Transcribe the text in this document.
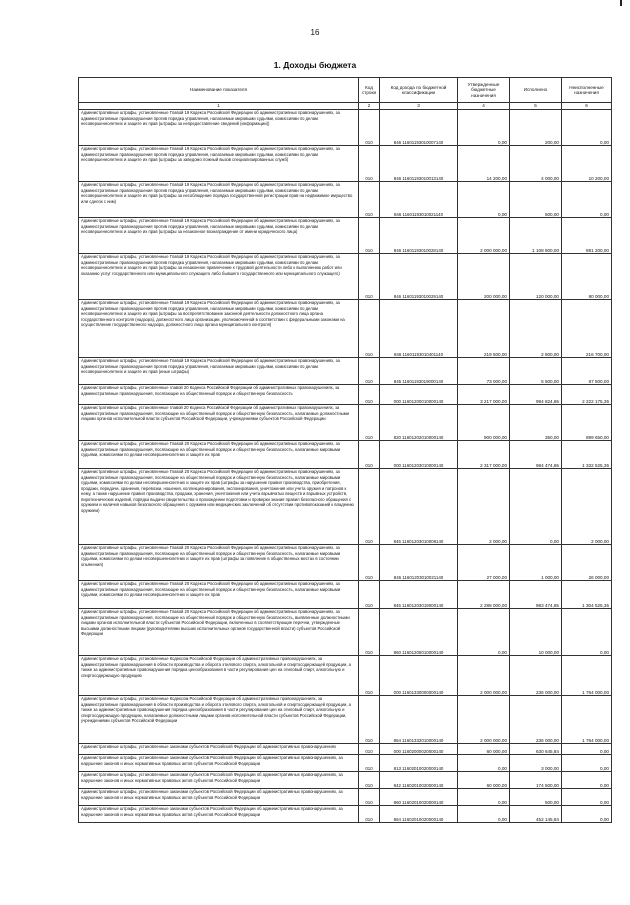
16
1. Доходы бюджета
Наименование показателя	Код строки	Код дохода по бюджетной классификации	Утвержденные бюджетные назначения	Исполнено	Неисполненные назначения
1	2	3	4	5	6
Административные штрафы, установленные Главой 19 Кодекса Российской Федерации об административных правонарушениях, за административные правонарушения против порядка управления, налагаемые мировыми судьями, комиссиями по делам несовершеннолетних и защите их прав (штрафы за непредоставление сведений (информации))	010	846 11601193010007140	0,00	200,00	0,00
Административные штрафы, установленные Главой 19 Кодекса Российской Федерации об административных правонарушениях, за административные правонарушения против порядка управления, налагаемые мировыми судьями, комиссиями по делам несовершеннолетних и защите их прав (штрафы за заведомо ложный вызов специализированных служб)	010	846 11601193010013140	14 200,00	4 000,00	10 200,00
Административные штрафы, установленные Главой 19 Кодекса Российской Федерации об административных правонарушениях, за административные правонарушения против порядка управления, налагаемые мировыми судьями, комиссиями по делам несовершеннолетних и защите их прав (штрафы за несоблюдение порядка государственной регистрации прав на недвижимое имущество или сделок с ним)	010	846 11601193010021140	0,00	500,00	0,00
Административные штрафы, установленные Главой 19 Кодекса Российской Федерации об административных правонарушениях, за административные правонарушения против порядка управления, налагаемые мировыми судьями, комиссиями по делам несовершеннолетних и защите их прав (штрафы за незаконное вознаграждение от имени юридического лица)	010	846 11601193010028140	2 000 000,00	1 108 800,00	891 200,00
Административные штрафы, установленные Главой 19 Кодекса Российской Федерации об административных правонарушениях, за административные правонарушения против порядка управления, налагаемые мировыми судьями, комиссиями по делам несовершеннолетних и защите их прав (штрафы за незаконное привлечение к трудовой деятельности либо к выполнению работ или оказанию услуг государственного или муниципального служащего либо бывшего государственного или муниципального служащего)	010	846 11601193010029140	200 000,00	120 000,00	80 000,00
Административные штрафы, установленные Главой 19 Кодекса Российской Федерации об административных правонарушениях, за административные правонарушения против порядка управления, налагаемые мировыми судьями, комиссиями по делам несовершеннолетних и защите их прав (штрафы за воспрепятствование законной деятельности должностного лица органа государственного контроля (надзора), должностного лица организации, уполномоченной в соответствии с федеральными законами на осуществление государственного надзора, должностного лица органа муниципального контроля)	010	846 11601193010401140	219 500,00	2 800,00	216 700,00
Административные штрафы, установленные Главой 19 Кодекса Российской Федерации об административных правонарушениях, за административные правонарушения против порядка управления, налагаемые мировыми судьями, комиссиями по делам несовершеннолетних и защите их прав (иные штрафы)	010	846 11601193019000140	73 000,00	5 500,00	67 500,00
Административные штрафы, установленные главой 20 Кодекса Российской Федерации об административных правонарушениях, за административные правонарушения, посягающие на общественный порядок и общественную безопасность	010	000 11601200010000140	3 217 000,00	994 824,65	2 222 175,35
Административные штрафы, установленные главой 20 Кодекса Российской Федерации об административных правонарушениях, за административные правонарушения, посягающие на общественный порядок и общественную безопасность, налагаемые должностными лицами органов исполнительной власти субъектов Российской Федерации, учреждениями субъектов Российской Федерации	010	820 11601202010000140	900 000,00	350,00	899 650,00
Административные штрафы, установленные Главой 20 Кодекса Российской Федерации об административных правонарушениях, за административные правонарушения, посягающие на общественный порядок и общественную безопасность, налагаемые мировыми судьями, комиссиями по делам несовершеннолетних и защите их прав	010	000 11601203010000140	2 317 000,00	984 474,65	1 332 525,35
Административные штрафы, установленные Главой 20 Кодекса Российской Федерации об административных правонарушениях, за административные правонарушения, посягающие на общественный порядок и общественную безопасность, налагаемые мировыми судьями, комиссиями по делам несовершеннолетних и защите их прав (штрафы за нарушение правил производства, приобретения, продажи, передачи, хранения, перевозки, ношения, коллекционирования, экспонирования, уничтожения или учета оружия и патронов к нему, а также нарушение правил производства, продажи, хранения, уничтожения или учета взрывчатых веществ и взрывных устройств, пиротехнических изделий, порядка выдачи свидетельства о прохождении подготовки и проверки знания правил безопасного обращения с оружием и наличия навыков безопасного обращения с оружием или медицинских заключений об отсутствии противопоказаний к владению оружием)	010	846 11601203010008140	2 000,00	0,00	2 000,00
Административные штрафы, установленные Главой 20 Кодекса Российской Федерации об административных правонарушениях, за административные правонарушения, посягающие на общественный порядок и общественную безопасность, налагаемые мировыми судьями, комиссиями по делам несовершеннолетних и защите их прав (штрафы за появление в общественных местах в состоянии опьянения)	010	846 11601203010021140	27 000,00	1 000,00	26 000,00
Административные штрафы, установленные Главой 20 Кодекса Российской Федерации об административных правонарушениях, за административные правонарушения, посягающие на общественный порядок и общественную безопасность, налагаемые мировыми судьями, комиссиями по делам несовершеннолетних и защите их прав	010	846 11601203019000140	2 288 000,00	983 474,65	1 304 525,35
Административные штрафы, установленные Главой 20 Кодекса Российской Федерации об административных правонарушениях, за административные правонарушения, посягающие на общественный порядок и общественную безопасность, выявленные должностными лицами органов исполнительной власти субъектов Российской Федерации, включенных в соответствующие перечни, утвержденные высшими должностными лицами (руководителями высших исполнительных органов государственной власти) субъектов Российской Федерации	010	860 11601205010000140	0,00	10 000,00	0,00
Административные штрафы, установленные Кодексом Российской Федерации об административных правонарушениях, за административные правонарушения в области производства и оборота этилового спирта, алкогольной и спиртосодержащей продукции, а также за административные правонарушения порядка ценообразования в части регулирования цен на этиловый спирт, алкогольную и спиртосодержащую продукцию	010	000 11601330000000140	2 000 000,00	236 000,00	1 764 000,00
Административные штрафы, установленные Кодексом Российской Федерации об административных правонарушениях, за административные правонарушения в области производства и оборота этилового спирта, алкогольной и спиртосодержащей продукции, а также за административные правонарушения порядка ценообразования в части регулирования цен на этиловый спирт, алкогольную и спиртосодержащую продукцию, налагаемые должностными лицами органов исполнительной власти субъектов Российской Федерации, учреждениями субъектов Российской Федерации	010	864 11601332010000140	2 000 000,00	236 000,00	1 764 000,00
Административные штрафы, установленные законами субъектов Российской Федерации об административных правонарушениях	010	000 11602000020000140	60 000,00	630 645,84	0,00
Административные штрафы, установленные законами субъектов Российской Федерации об административных правонарушениях, за нарушение законов и иных нормативных правовых актов субъектов Российской Федерации	010	813 11602010020000140	0,00	3 000,00	0,00
Административные штрафы, установленные законами субъектов Российской Федерации об административных правонарушениях, за нарушение законов и иных нормативных правовых актов субъектов Российской Федерации	010	842 11602010020000140	60 000,00	174 500,00	0,00
Административные штрафы, установленные законами субъектов Российской Федерации об административных правонарушениях, за нарушение законов и иных нормативных правовых актов субъектов Российской Федерации	010	860 11602010020000140	0,00	500,00	0,00
Административные штрафы, установленные законами субъектов Российской Федерации об административных правонарушениях, за нарушение законов и иных нормативных правовых актов субъектов Российской Федерации	010	864 11602010020000140	0,00	452 145,84	0,00
